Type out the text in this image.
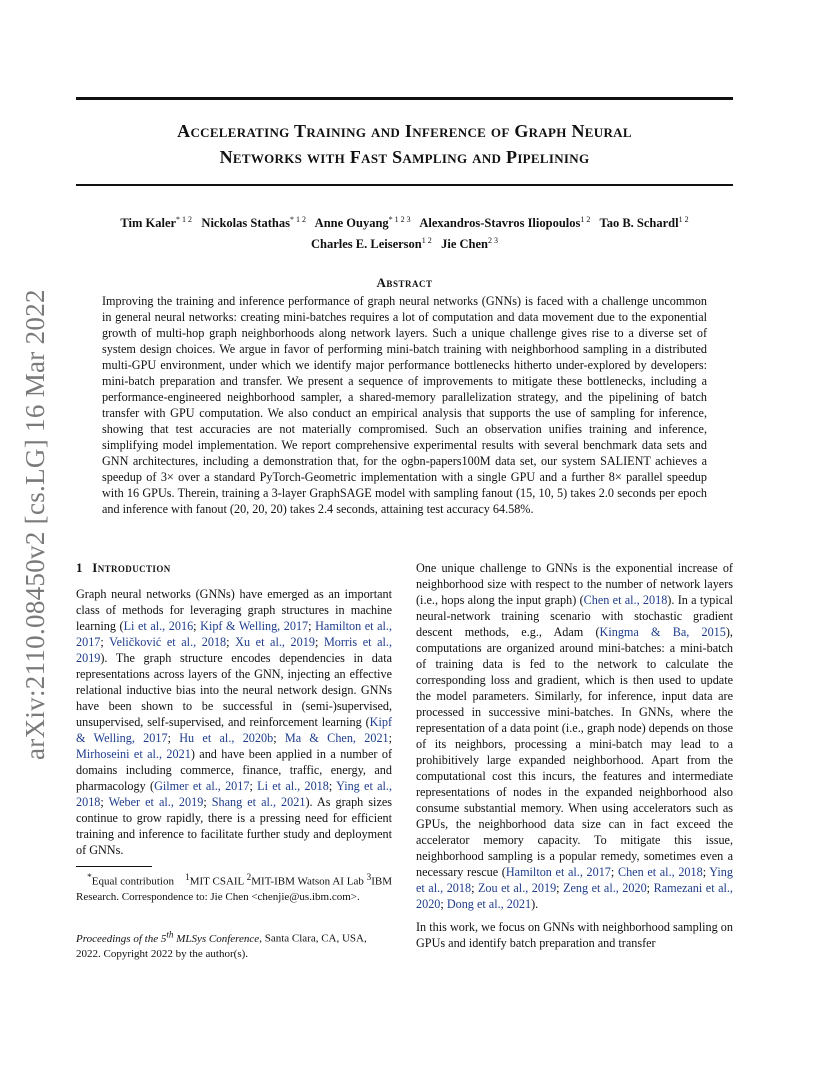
Accelerating Training and Inference of Graph Neural
Networks with Fast Sampling and Pipelining
Tim Kaler$^{* 1 2}$ Nickolas Stathas$^{* 1 2}$ Anne Ouyang$^{* 1 2 3}$ Alexandros-Stavros Iliopoulos$^{1 2}$ Tao B. Schardl$^{1 2}$
Charles E. Leiserson$^{1 2}$ Jie Chen$^{2 3}$
arXiv:2110.08450v2 [cs.LG] 16 Mar 2022
Abstract
Improving the training and inference performance of graph neural networks (GNNs) is faced with a challenge uncommon in general neural networks: creating mini-batches requires a lot of computation and data movement due to the exponential growth of multi-hop graph neighborhoods along network layers. Such a unique challenge gives rise to a diverse set of system design choices. We argue in favor of performing mini-batch training with neighborhood sampling in a distributed multi-GPU environment, under which we identify major performance bottlenecks hitherto under-explored by developers: mini-batch preparation and transfer. We present a sequence of improvements to mitigate these bottlenecks, including a performance-engineered neighborhood sampler, a shared-memory parallelization strategy, and the pipelining of batch transfer with GPU computation. We also conduct an empirical analysis that supports the use of sampling for inference, showing that test accuracies are not materially compromised. Such an observation unifies training and inference, simplifying model implementation. We report comprehensive experimental results with several benchmark data sets and GNN architectures, including a demonstration that, for the ogbn-papers100M data set, our system SALIENT achieves a speedup of 3× over a standard PyTorch-Geometric implementation with a single GPU and a further 8× parallel speedup with 16 GPUs. Therein, training a 3-layer GraphSAGE model with sampling fanout (15, 10, 5) takes 2.0 seconds per epoch and inference with fanout (20, 20, 20) takes 2.4 seconds, attaining test accuracy 64.58%.
1 Introduction
Graph neural networks (GNNs) have emerged as an important class of methods for leveraging graph structures in machine learning (Li et al., 2016; Kipf & Welling, 2017; Hamilton et al., 2017; Veličković et al., 2018; Xu et al., 2019; Morris et al., 2019). The graph structure encodes dependencies in data representations across layers of the GNN, injecting an effective relational inductive bias into the neural network design. GNNs have been shown to be successful in (semi-)supervised, unsupervised, self-supervised, and reinforcement learning (Kipf & Welling, 2017; Hu et al., 2020b; Ma & Chen, 2021; Mirhoseini et al., 2021) and have been applied in a number of domains including commerce, finance, traffic, energy, and pharmacology (Gilmer et al., 2017; Li et al., 2018; Ying et al., 2018; Weber et al., 2019; Shang et al., 2021). As graph sizes continue to grow rapidly, there is a pressing need for efficient training and inference to facilitate further study and deployment of GNNs.

One unique challenge to GNNs is the exponential increase of neighborhood size with respect to the number of network layers (i.e., hops along the input graph) (Chen et al., 2018). In a typical neural-network training scenario with stochastic gradient descent methods, e.g., Adam (Kingma & Ba, 2015), computations are organized around mini-batches: a mini-batch of training data is fed to the network to calculate the corresponding loss and gradient, which is then used to update the model parameters. Similarly, for inference, input data are processed in successive mini-batches. In GNNs, where the representation of a data point (i.e., graph node) depends on those of its neighbors, processing a mini-batch may lead to a prohibitively large expanded neighborhood. Apart from the computational cost this incurs, the features and intermediate representations of nodes in the expanded neighborhood also consume substantial memory. When using accelerators such as GPUs, the neighborhood data size can in fact exceed the accelerator memory capacity. To mitigate this issue, neighborhood sampling is a popular remedy, sometimes even a necessary rescue (Hamilton et al., 2017; Chen et al., 2018; Ying et al., 2018; Zou et al., 2019; Zeng et al., 2020; Ramezani et al., 2020; Dong et al., 2021).

In this work, we focus on GNNs with neighborhood sampling on GPUs and identify batch preparation and transfer

*Equal contribution $^1$MIT CSAIL $^2$MIT-IBM Watson AI Lab $^3$IBM Research. Correspondence to: Jie Chen <chenjie@us.ibm.com>.
Proceedings of the 5th MLSys Conference, Santa Clara, CA, USA, 2022. Copyright 2022 by the author(s).
